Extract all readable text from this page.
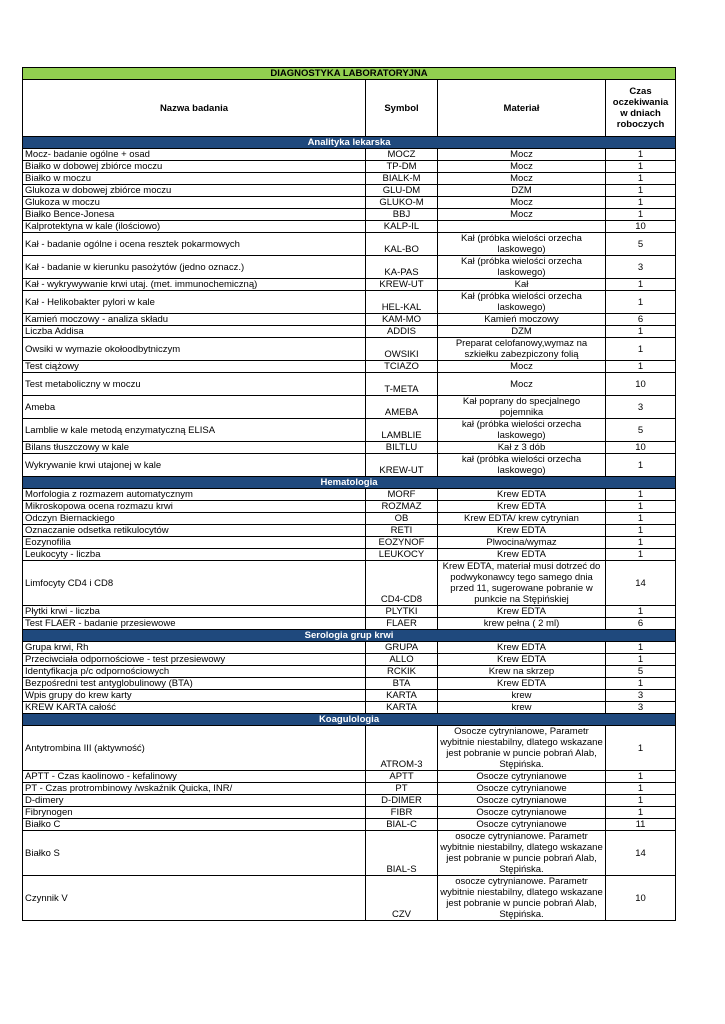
DIAGNOSTYKA LABORATORYJNA			
Nazwa badania	Symbol	Materiał	Czas oczekiwania w dniach roboczych
Analityka lekarska			
Mocz- badanie ogólne + osad	MOCZ	Mocz	1
Białko w dobowej zbiórce moczu	TP-DM	Mocz	1
Białko w moczu	BIALK-M	Mocz	1
Glukoza w dobowej zbiórce moczu	GLU-DM	DZM	1
Glukoza w moczu	GLUKO-M	Mocz	1
Białko Bence-Jonesa	BBJ	Mocz	1
Kalprotektyna w kale (ilościowo)	KALP-IL		10
Kał - badanie ogólne i ocena resztek pokarmowych	KAL-BO	Kał (próbka wielości orzecha laskowego)	5
Kał - badanie w kierunku pasożytów (jedno oznacz.)	KA-PAS	Kał (próbka wielości orzecha laskowego)	3
Kał - wykrywywanie krwi utaj. (met. immunochemiczną)	KREW-UT	Kał	1
Kał - Helikobakter pylori w kale	HEL-KAL	Kał (próbka wielości orzecha laskowego)	1
Kamień moczowy - analiza składu	KAM-MO	Kamień moczowy	6
Liczba Addisa	ADDIS	DZM	1
Owsiki w wymazie okołoodbytniczym	OWSIKI	Preparat celofanowy,wymaz na szkiełku zabezpiczony folią	1
Test ciążowy	TCIAZO	Mocz	1
Test metaboliczny w moczu	T-META	Mocz	10
Ameba	AMEBA	Kał poprany do specjalnego pojemnika	3
Lamblie w kale metodą enzymatyczną ELISA	LAMBLIE	kał (próbka wielości orzecha laskowego)	5
Bilans tłuszczowy w kale	BILTLU	Kał z 3 dób	10
Wykrywanie krwi utajonej w kale	KREW-UT	kał (próbka wielości orzecha laskowego)	1
Hematologia			
Morfologia z rozmazem automatycznym	MORF	Krew EDTA	1
Mikroskopowa ocena rozmazu krwi	ROZMAZ	Krew EDTA	1
Odczyn Biernackiego	OB	Krew EDTA/ krew cytrynian	1
Oznaczanie odsetka retikulocytów	RETI	Krew EDTA	1
Eozynofilia	EOZYNOF	Plwocina/wymaz	1
Leukocyty - liczba	LEUKOCY	Krew EDTA	1
Limfocyty CD4 i CD8	CD4-CD8	Krew EDTA, materiał musi dotrzeć do podwykonawcy tego samego dnia przed 11, sugerowane pobranie w punkcie na Stępińskiej	14
Płytki krwi - liczba	PLYTKI	Krew EDTA	1
Test FLAER - badanie przesiewowe	FLAER	krew pełna ( 2 ml)	6
Serologia grup krwi			
Grupa krwi, Rh	GRUPA	Krew EDTA	1
Przeciwciała odpornościowe - test przesiewowy	ALLO	Krew EDTA	1
Identyfikacja p/c odpornościowych	RCKIK	Krew na skrzep	5
Bezpośredni test antyglobulinowy (BTA)	BTA	Krew EDTA	1
Wpis grupy do krew karty	KARTA	krew	3
KREW KARTA całość	KARTA	krew	3
Koagulologia			
Antytrombina III (aktywność)	ATROM-3	Osocze cytrynianowe, Parametr wybitnie niestabilny, dlatego wskazane jest pobranie w puncie pobrań Alab, Stępińska.	1
APTT - Czas kaolinowo - kefalinowy	APTT	Osocze cytrynianowe	1
PT - Czas protrombinowy /wskaźnik Quicka, INR/	PT	Osocze cytrynianowe	1
D-dimery	D-DIMER	Osocze cytrynianowe	1
Fibrynogen	FIBR	Osocze cytrynianowe	1
Białko C	BIAL-C	Osocze cytrynianowe	11
Białko S	BIAL-S	osocze cytrynianowe. Parametr wybitnie niestabilny, dlatego wskazane jest pobranie w puncie pobrań Alab, Stępińska.	14
Czynnik V	CZV	osocze cytrynianowe. Parametr wybitnie niestabilny, dlatego wskazane jest pobranie w puncie pobrań Alab, Stępińska.	10
